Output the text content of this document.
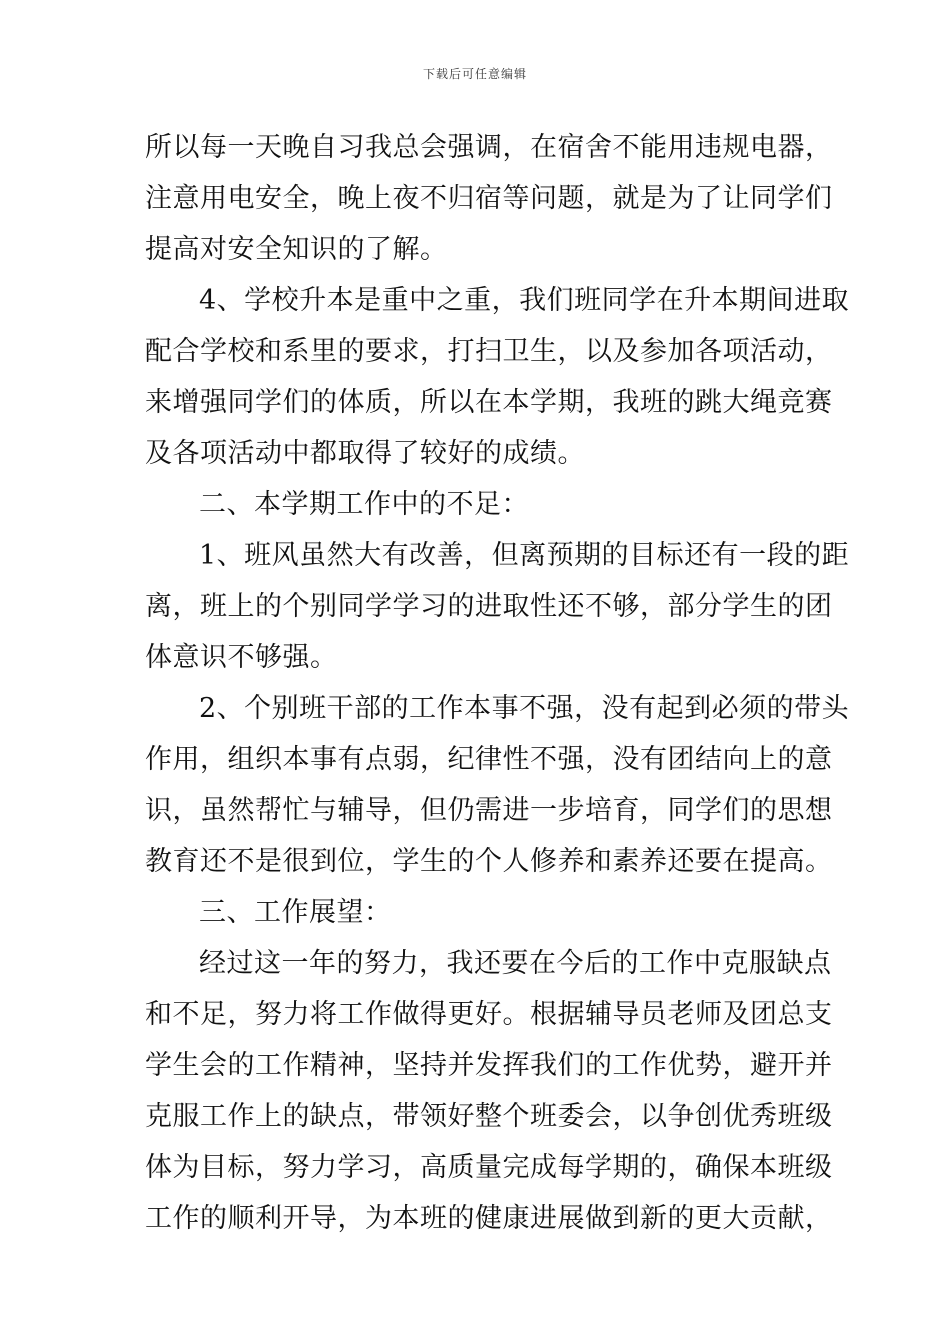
下载后可任意编辑
所以每一天晚自习我总会强调，在宿舍不能用违规电器，
注意用电安全，晚上夜不归宿等问题，就是为了让同学们
提高对安全知识的了解。
4、学校升本是重中之重，我们班同学在升本期间进取
配合学校和系里的要求，打扫卫生，以及参加各项活动，
来增强同学们的体质，所以在本学期，我班的跳大绳竞赛
及各项活动中都取得了较好的成绩。
二、本学期工作中的不足：
1、班风虽然大有改善，但离预期的目标还有一段的距
离，班上的个别同学学习的进取性还不够，部分学生的团
体意识不够强。
2、个别班干部的工作本事不强，没有起到必须的带头
作用，组织本事有点弱，纪律性不强，没有团结向上的意
识，虽然帮忙与辅导，但仍需进一步培育，同学们的思想
教育还不是很到位，学生的个人修养和素养还要在提高。
三、工作展望：
经过这一年的努力，我还要在今后的工作中克服缺点
和不足，努力将工作做得更好。根据辅导员老师及团总支
学生会的工作精神，坚持并发挥我们的工作优势，避开并
克服工作上的缺点，带领好整个班委会，以争创优秀班级
体为目标，努力学习，高质量完成每学期的，确保本班级
工作的顺利开导，为本班的健康进展做到新的更大贡献，
